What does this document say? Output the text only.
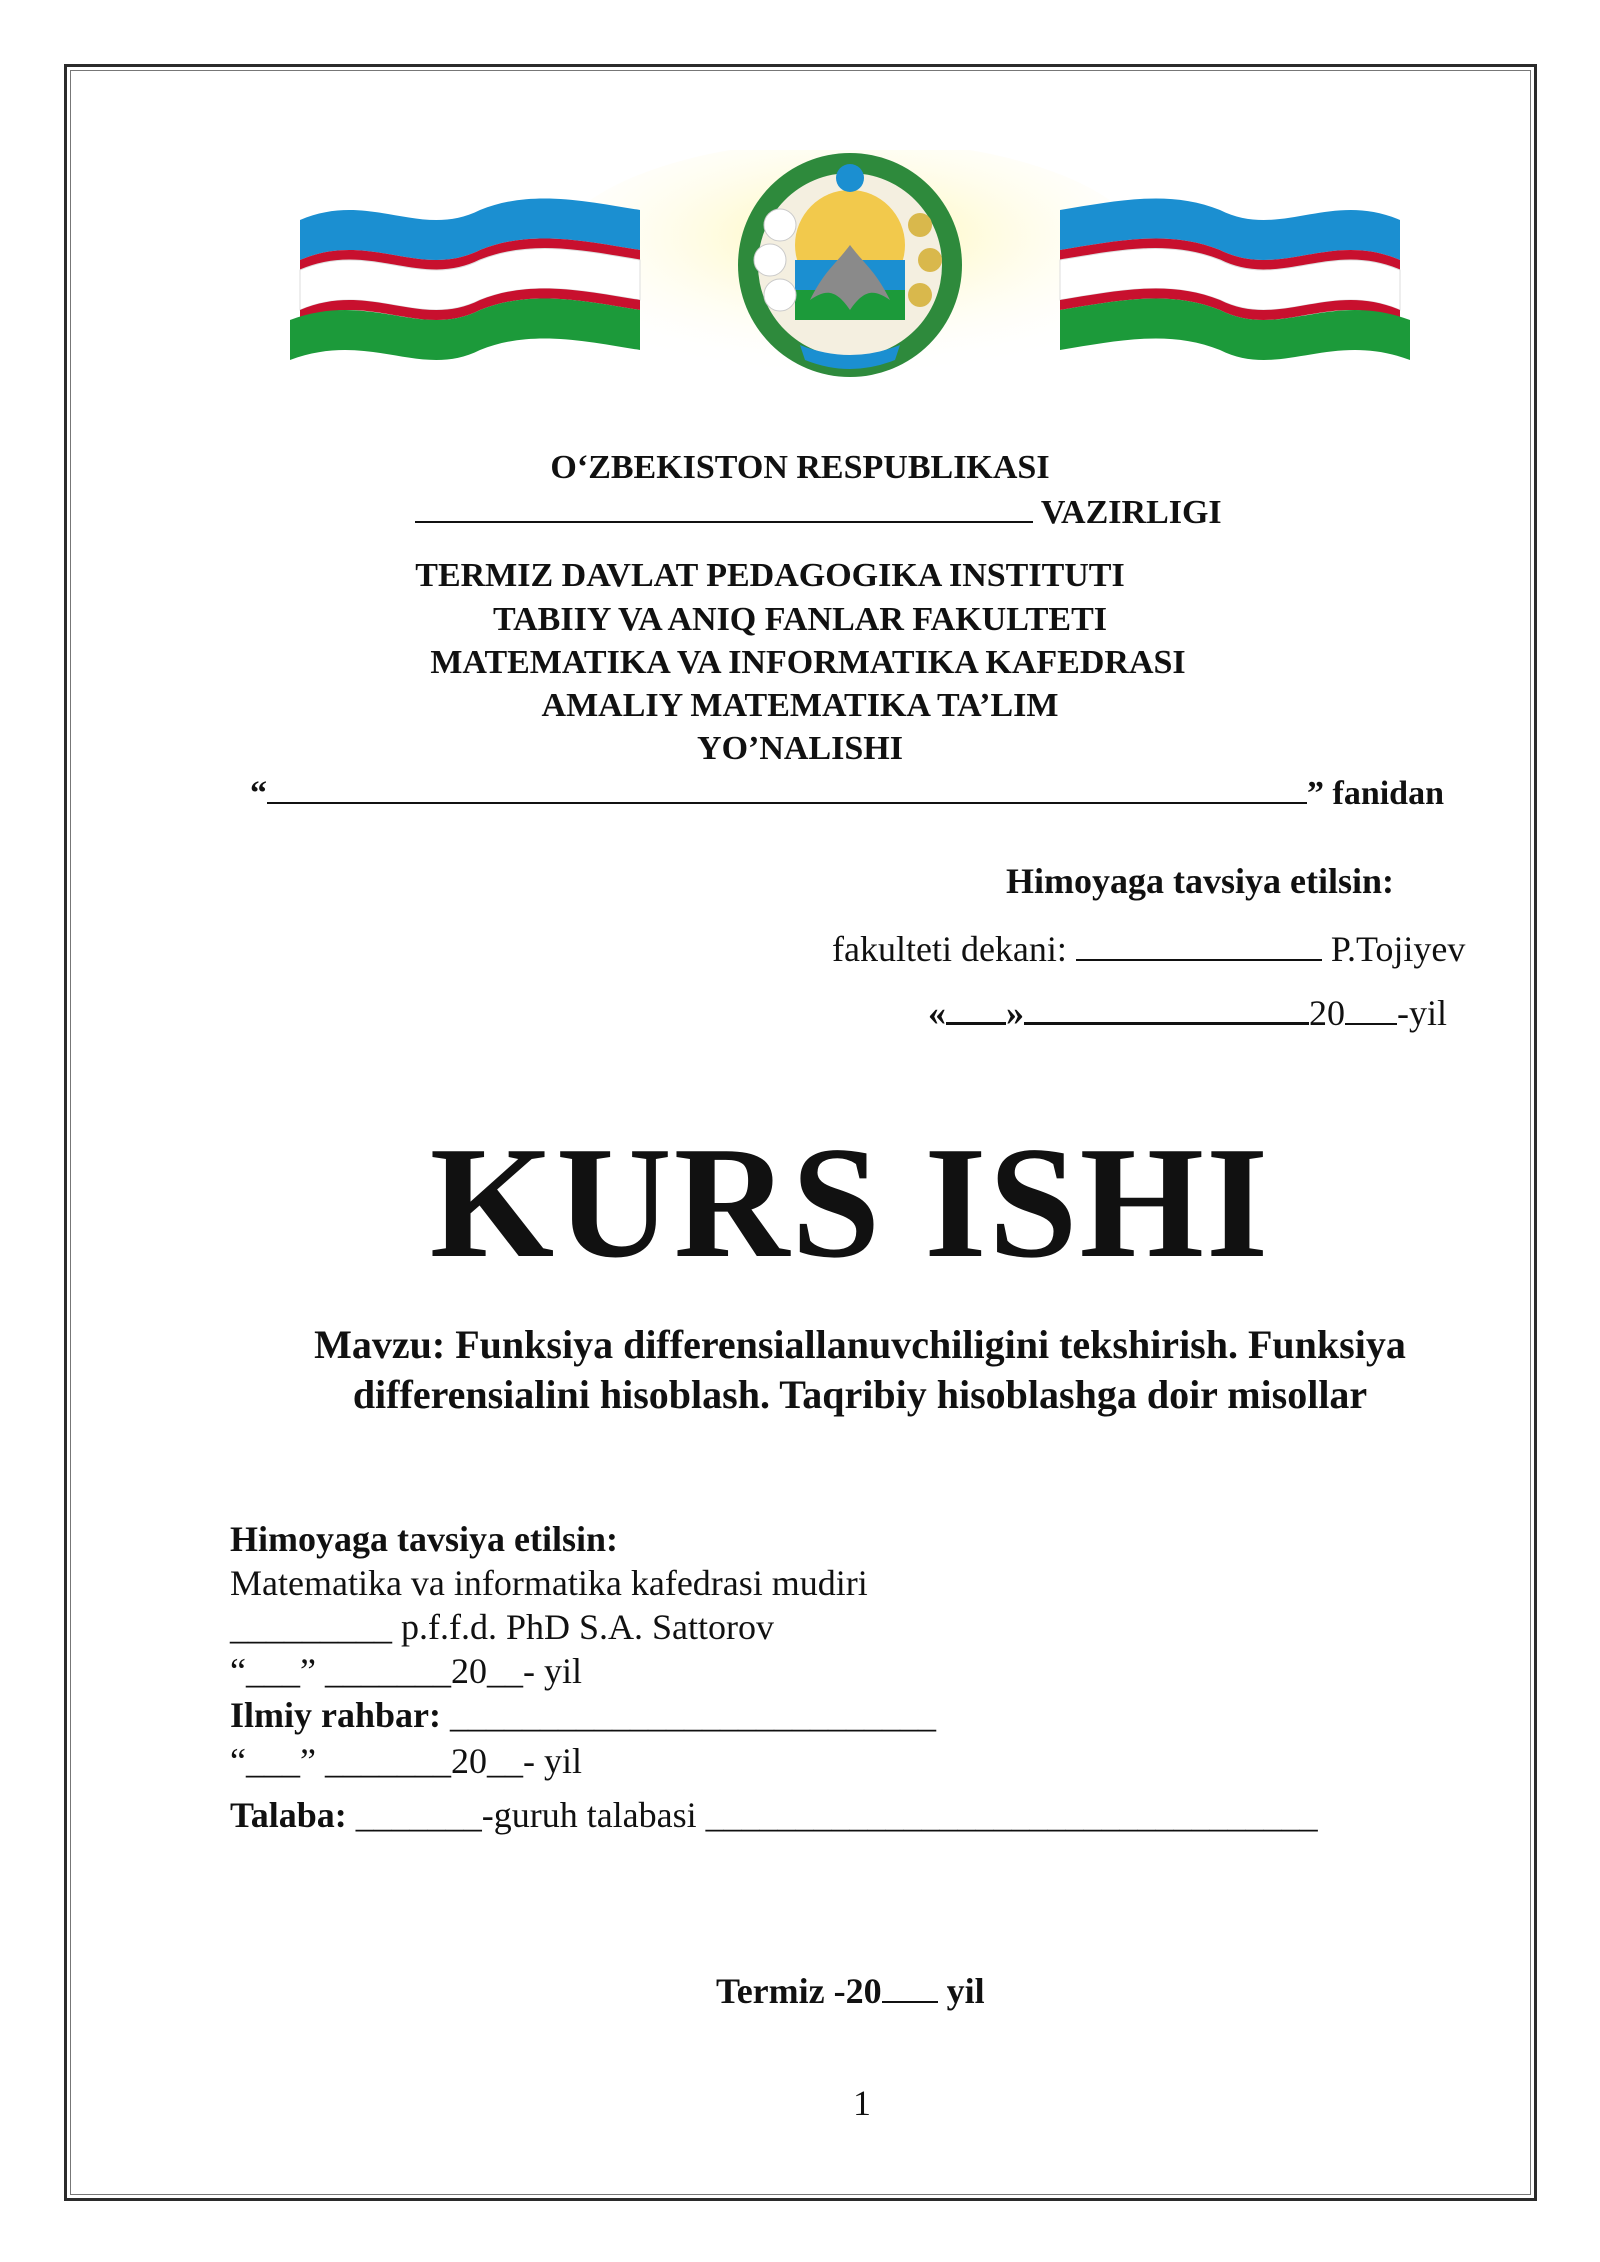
O‘ZBEKISTON RESPUBLIKASI
VAZIRLIGI
TERMIZ DAVLAT PEDAGOGIKA INSTITUTI
TABIIY VA ANIQ FANLAR FAKULTETI
MATEMATIKA VA INFORMATIKA KAFEDRASI
AMALIY MATEMATIKA TA’LIM
YO’NALISHI
“	” fanidan
Himoyaga tavsiya etilsin:
fakulteti dekani:	P.Tojiyev
« »	20 -yil
KURS ISHI
Mavzu: Funksiya differensiallanuvchiligini tekshirish. Funksiya
differensialini hisoblash. Taqribiy hisoblashga doir misollar
Himoyaga tavsiya etilsin:
Matematika va informatika kafedrasi mudiri
_________ p.f.f.d. PhD S.A. Sattorov
“___” _______20__- yil
Ilmiy rahbar: ___________________________
“___” _______20__- yil
Talaba: _______-guruh talabasi __________________________________
Termiz -20 yil
1
